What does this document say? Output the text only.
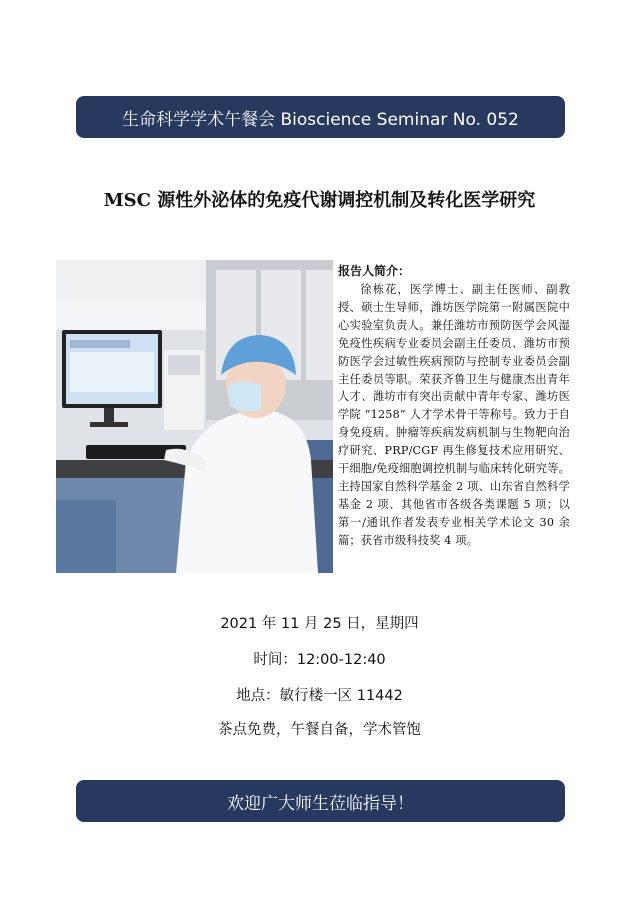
生命科学学术午餐会 Bioscience Seminar No. 052
MSC 源性外泌体的免疫代谢调控机制及转化医学研究
报告人简介：

徐栋花，医学博士、副主任医师、副教授、硕士生导师，潍坊医学院第一附属医院中心实验室负责人。兼任潍坊市预防医学会风湿免疫性疾病专业委员会副主任委员、潍坊市预防医学会过敏性疾病预防与控制专业委员会副主任委员等职。荣获齐鲁卫生与健康杰出青年人才、潍坊市有突出贡献中青年专家、潍坊医学院 “1258” 人才学术骨干等称号。致力于自身免疫病、肿瘤等疾病发病机制与生物靶向治疗研究、PRP/CGF 再生修复技术应用研究、干细胞/免疫细胞调控机制与临床转化研究等。主持国家自然科学基金 2 项、山东省自然科学基金 2 项、其他省市各级各类课题 5 项；以第一/通讯作者发表专业相关学术论文 30 余篇；获省市级科技奖 4 项。

2021 年 11 月 25 日，星期四
时间：12:00-12:40
地点：敏行楼一区 11442
茶点免费，午餐自备，学术管饱
欢迎广大师生莅临指导！
